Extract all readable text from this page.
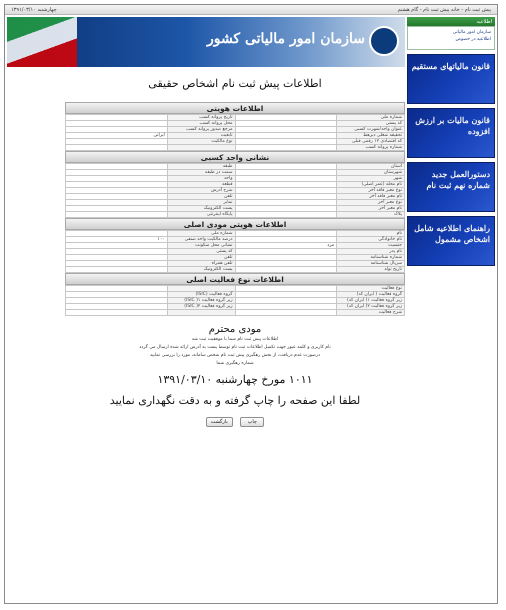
پیش ثبت نام - خانه پیش ثبت نام - گام هشتم
چهارشنبه ۱۳۹۱/۰۳/۱۰
سازمان امور مالیاتی کشور
اطلاعیه
سازمان امور مالیاتی
اطلاعیه در خصوص
قانون مالیاتهای مستقیم
قانون مالیات بر ارزش افزوده
دستورالعمل جدید شماره نهم ثبت نام
راهنمای اطلاعیه شامل اشخاص مشمول
اطلاعات پیش ثبت نام اشخاص حقیقی
اطلاعات هویتی
شماره ملی		تاریخ پروانه کسب	
کد پستی		محل پروانه کسب	
عنوان واحد/شهرت کسبی		مرجع صدور پروانه کسب	
تحقیقه شغلی دیرهط		تابعیت	ایرانی
کد اقتصادی ۱۲ رقمی قبلی		نوع مالکیت	
شماره پروانه کسب			
نشانی واحد کسبی
استان		طبقه	
شهرستان		سمت در طبقه	
شهر		واحد	
نام محله (عمر اصلی)		قطعه	
نوع معبر فاقد آخر		شرح آدرس	
نام معبر فاقد آخر		تلفن	
نوع معبر آخر		نمابر	
نام معبر آخر		پست الکترونیک	
پلاک		پایگاه اینترنتی	
اطلاعات هویتی مودی اصلی
نام		شماره ملی	
نام خانوادگی		درصد مالکیت واحد صنفی	۱۰۰
جنسیت	مرد	نشانی محل سکونت	
نام پدر		کد پستی	
شماره شناسنامه		تلفن	
سریال شناسنامه		تلفن همراه	
تاریخ تولد		پست الکترونیک	
اطلاعات نوع فعالیت اصلی
نوع فعالیت			
گروه فعالیت ( ایران کد)		گروه فعالیت (ISIC)	
زیر گروه فعالیت ۱( ایران کد)		زیر گروه فعالیت ۱( ISIC)	
زیر گروه فعالیت ۲( ایران کد)		زیر گروه فعالیت ۲( ISIC)	
شرح فعالیت			
مودی محترم
اطلاعات پیش ثبت نام شما با موفقیت ثبت شد
نام کاربری و کلمه عبور جهت تکمیل اطلاعات ثبت نام توسط پست به آدرس ارائه شده ارسال می گردد
درصورت عدم دریافت، از بخش رهگیری پیش ثبت نام شخص سامانه، مورد را بررسی نمایید
شماره رهگیری شما
۱۰۱۱ مورخ چهارشنبه ۱۳۹۱/۰۳/۱۰
لطفا این صفحه را چاپ گرفته و به دقت نگهداری نمایید
چاپ بازگشت
